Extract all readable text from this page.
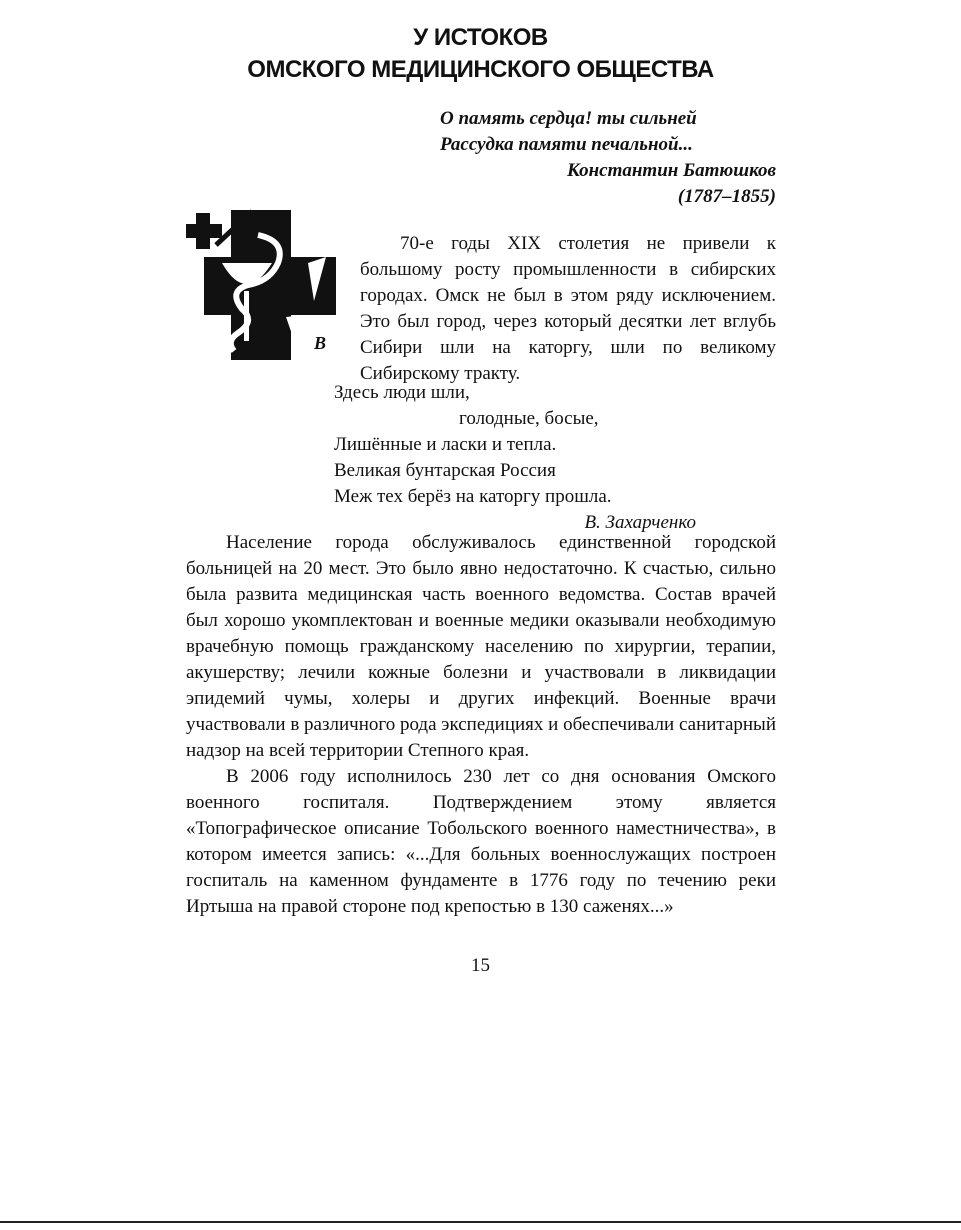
У ИСТОКОВ
ОМСКОГО МЕДИЦИНСКОГО ОБЩЕСТВА
О память сердца! ты сильней
Рассудка памяти печальной...
Константин Батюшков
(1787–1855)
В

70-е годы XIX столетия не привели к большому росту промышленности в сибирских городах. Омск не был в этом ряду исключением. Это был город, через который десятки лет вглубь Сибири шли на каторгу, шли по великому Сибирскому тракту.

Здесь люди шли,
голодные, босые,
Лишённые и ласки и тепла.
Великая бунтарская Россия
Меж тех берёз на каторгу прошла.
В. Захарченко

Население города обслуживалось единственной городской больницей на 20 мест. Это было явно недостаточно. К счастью, сильно была развита медицинская часть военного ведомства. Состав врачей был хорошо укомплектован и военные медики оказывали необходимую врачебную помощь гражданскому населению по хирургии, терапии, акушерству; лечили кожные болезни и участвовали в ликвидации эпидемий чумы, холеры и других инфекций. Военные врачи участвовали в различного рода экспедициях и обеспечивали санитарный надзор на всей территории Степного края.

В 2006 году исполнилось 230 лет со дня основания Омского военного госпиталя. Подтверждением этому является «Топографическое описание Тобольского военного наместничества», в котором имеется запись: «...Для больных военнослужащих построен госпиталь на каменном фундаменте в 1776 году по течению реки Иртыша на правой стороне под крепостью в 130 саженях...»

15
